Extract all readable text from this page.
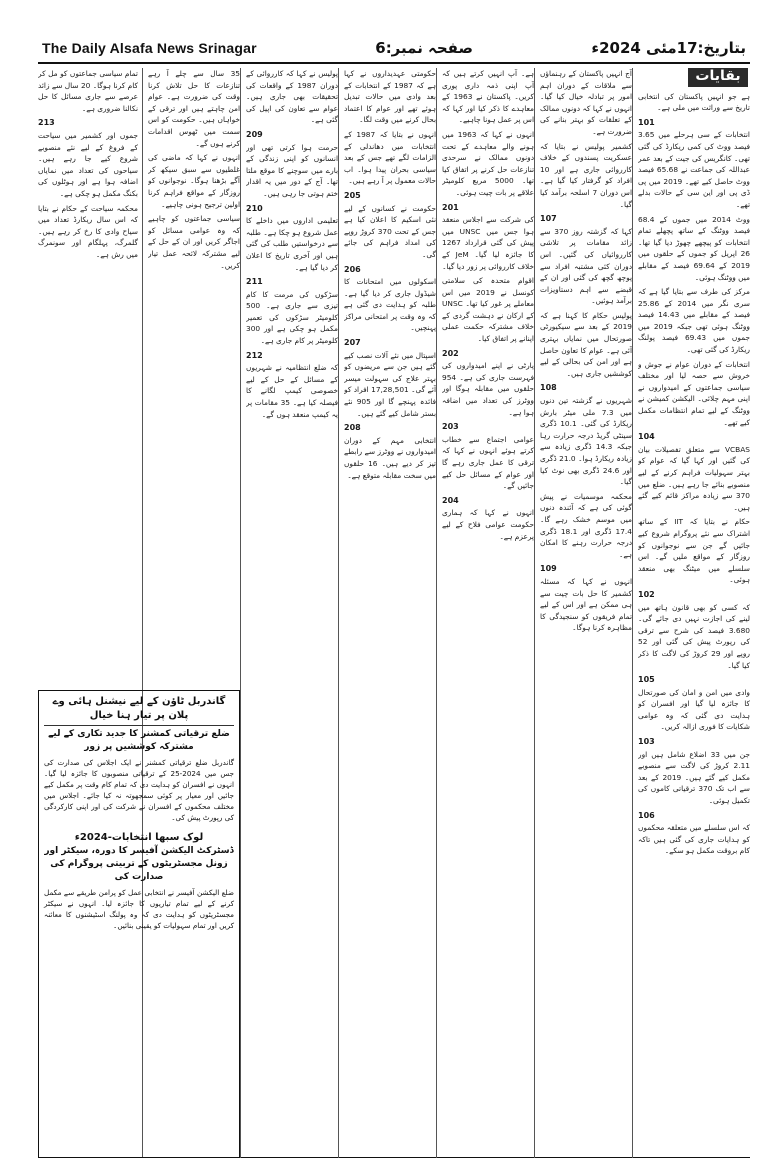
The Daily Alsafa News Srinagar	صفحہ نمبر:6	بتاریخ:17مئی 2024ء
بقایات

ہے جو انہیں پاکستان کی انتخابی تاریخ سے وراثت میں ملی ہے۔

101

انتخابات کے سی ہرحلے میں 3.65 فیصد ووٹ کی کمی ریکارڈ کی گئی تھی۔ کانگریس کی جیت کے بعد عمر عبداللہ کی جماعت نے 65.68 فیصد ووٹ حاصل کیے تھے۔ 2019 میں پی ڈی پی اور این سی کے حالات بدلے تھے۔

ووٹ 2014 میں جموں کے 68.4 فیصد ووٹنگ کے ساتھ پچھلے تمام انتخابات کو پیچھے چھوڑ دیا گیا تھا۔ 26 اپریل کو جموں کے حلقوں میں 2019 کے 69.64 فیصد کے مقابلے میں ووٹنگ ہوئی۔

مرکز کی طرف سے بتایا گیا ہے کہ سری نگر میں 2014 کے 25.86 فیصد کے مقابلے میں 14.43 فیصد ووٹنگ ہوئی تھی جبکہ 2019 میں جموں میں 69.43 فیصد پولنگ ریکارڈ کی گئی تھی۔

انتخابات کے دوران عوام نے جوش و خروش سے حصہ لیا اور مختلف سیاسی جماعتوں کے امیدواروں نے اپنی مہم چلائی۔ الیکشن کمیشن نے ووٹنگ کے لیے تمام انتظامات مکمل کیے تھے۔

104

VCBAS سے متعلق تفصیلات بیان کی گئیں اور کہا گیا کہ عوام کو بہتر سہولیات فراہم کرنے کے لیے منصوبے بنائے جا رہے ہیں۔ ضلع میں 370 سے زیادہ مراکز قائم کیے گئے ہیں۔

حکام نے بتایا کہ IIT کے ساتھ اشتراک سے نئے پروگرام شروع کیے جائیں گے جن سے نوجوانوں کو روزگار کے مواقع ملیں گے۔ اس سلسلے میں میٹنگ بھی منعقد ہوئی۔

102

کہ کسی کو بھی قانون ہاتھ میں لینے کی اجازت نہیں دی جائے گی۔ 3.680 فیصد کی شرح سے ترقی کی رپورٹ پیش کی گئی اور 52 روپے اور 29 کروڑ کی لاگت کا ذکر کیا گیا۔

105

وادی میں امن و امان کی صورتحال کا جائزہ لیا گیا اور افسران کو ہدایت دی گئی کہ وہ عوامی شکایات کا فوری ازالہ کریں۔

103

جن میں 33 اضلاع شامل ہیں اور 2.11 کروڑ کی لاگت سے منصوبے مکمل کیے گئے ہیں۔ 2019 کے بعد سے اب تک 370 ترقیاتی کاموں کی تکمیل ہوئی۔

106

کہ اس سلسلے میں متعلقہ محکموں کو ہدایات جاری کی گئی ہیں تاکہ کام بروقت مکمل ہو سکے۔

آج انہیں پاکستان کے رہنماؤں سے ملاقات کے دوران اہم امور پر تبادلہ خیال کیا گیا۔ انہوں نے کہا کہ دونوں ممالک کے تعلقات کو بہتر بنانے کی ضرورت ہے۔

کشمیر پولیس نے بتایا کہ عسکریت پسندوں کے خلاف کارروائی جاری ہے اور 10 افراد کو گرفتار کیا گیا ہے۔ اس دوران 7 اسلحہ برآمد کیا گیا۔

107

کہا کہ گزشتہ روز 370 سے زائد مقامات پر تلاشی کارروائیاں کی گئیں۔ اس دوران کئی مشتبہ افراد سے پوچھ گچھ کی گئی اور ان کے قبضے سے اہم دستاویزات برآمد ہوئیں۔

پولیس حکام کا کہنا ہے کہ 2019 کے بعد سے سیکیورٹی صورتحال میں نمایاں بہتری آئی ہے۔ عوام کا تعاون حاصل ہے اور امن کی بحالی کے لیے کوششیں جاری ہیں۔

108

شہریوں نے گزشتہ تین دنوں میں 7.3 ملی میٹر بارش ریکارڈ کی گئی۔ 10.1 ڈگری سینٹی گریڈ درجہ حرارت رہا جبکہ 14.3 ڈگری زیادہ سے زیادہ ریکارڈ ہوا۔ 21.0 ڈگری اور 24.6 ڈگری بھی نوٹ کیا گیا۔

محکمہ موسمیات نے پیش گوئی کی ہے کہ آئندہ دنوں میں موسم خشک رہے گا۔ 17.4 ڈگری اور 18.1 ڈگری درجہ حرارت رہنے کا امکان ہے۔

109

انہوں نے کہا کہ مسئلہ کشمیر کا حل بات چیت سے ہی ممکن ہے اور اس کے لیے تمام فریقوں کو سنجیدگی کا مظاہرہ کرنا ہوگا۔

ہے۔ آپ انہیں کرتے ہیں کہ آپ اپنی ذمہ داری پوری کریں۔ پاکستان نے 1963 کے معاہدے کا ذکر کیا اور کہا کہ اس پر عمل ہونا چاہیے۔

انہوں نے کہا کہ 1963 میں ہونے والے معاہدے کے تحت دونوں ممالک نے سرحدی تنازعات حل کرنے پر اتفاق کیا تھا۔ 5000 مربع کلومیٹر علاقے پر بات چیت ہوئی۔

201

کی شرکت سے اجلاس منعقد ہوا جس میں UNSC میں پیش کی گئی قرارداد 1267 کا جائزہ لیا گیا۔ JeM کے خلاف کارروائی پر زور دیا گیا۔

اقوام متحدہ کی سلامتی کونسل نے 2019 میں اس معاملے پر غور کیا تھا۔ UNSC کے ارکان نے دہشت گردی کے خلاف مشترکہ حکمت عملی اپنانے پر اتفاق کیا۔

202

پارٹی نے اپنے امیدواروں کی فہرست جاری کی ہے۔ 954 حلقوں میں مقابلہ ہوگا اور ووٹرز کی تعداد میں اضافہ ہوا ہے۔

203

عوامی اجتماع سے خطاب کرتے ہوئے انہوں نے کہا کہ ترقی کا عمل جاری رہے گا اور عوام کے مسائل حل کیے جائیں گے۔

204

انہوں نے کہا کہ ہماری حکومت عوامی فلاح کے لیے پرعزم ہے۔

حکومتی عہدیداروں نے کہا ہے کہ 1987 کے انتخابات کے بعد وادی میں حالات تبدیل ہوئے تھے اور عوام کا اعتماد بحال کرنے میں وقت لگا۔

انہوں نے بتایا کہ 1987 کے انتخابات میں دھاندلی کے الزامات لگے تھے جس کے بعد سیاسی بحران پیدا ہوا۔ اب حالات معمول پر آ رہے ہیں۔

205

حکومت نے کسانوں کے لیے نئی اسکیم کا اعلان کیا ہے جس کے تحت 370 کروڑ روپے کی امداد فراہم کی جائے گی۔

206

اسکولوں میں امتحانات کا شیڈول جاری کر دیا گیا ہے۔ طلبہ کو ہدایت دی گئی ہے کہ وہ وقت پر امتحانی مراکز پہنچیں۔

207

اسپتال میں نئے آلات نصب کیے گئے ہیں جن سے مریضوں کو بہتر علاج کی سہولت میسر آئے گی۔ 17,28,501 افراد کو فائدہ پہنچے گا اور 905 نئے بستر شامل کیے گئے ہیں۔

208

انتخابی مہم کے دوران امیدواروں نے ووٹرز سے رابطے تیز کر دیے ہیں۔ 16 حلقوں میں سخت مقابلہ متوقع ہے۔

پولیس نے کہا کہ کارروائی کے دوران 1987 کے واقعات کی تحقیقات بھی جاری ہیں۔ عوام سے تعاون کی اپیل کی گئی ہے۔

209

حرمت ہوا کرتی تھی اور انسانوں کو اپنی زندگی کے بارے میں سوچنے کا موقع ملتا تھا۔ آج کے دور میں یہ اقدار ختم ہوتی جا رہی ہیں۔

210

تعلیمی اداروں میں داخلے کا عمل شروع ہو چکا ہے۔ طلبہ سے درخواستیں طلب کی گئی ہیں اور آخری تاریخ کا اعلان کر دیا گیا ہے۔

211

سڑکوں کی مرمت کا کام تیزی سے جاری ہے۔ 500 کلومیٹر سڑکوں کی تعمیر مکمل ہو چکی ہے اور 300 کلومیٹر پر کام جاری ہے۔

212

کہ ضلع انتظامیہ نے شہریوں کے مسائل کے حل کے لیے خصوصی کیمپ لگانے کا فیصلہ کیا ہے۔ 35 مقامات پر یہ کیمپ منعقد ہوں گے۔

35 سال سے چلے آ رہے تنازعات کا حل تلاش کرنا وقت کی ضرورت ہے۔ عوام امن چاہتے ہیں اور ترقی کے خواہاں ہیں۔ حکومت کو اس سمت میں ٹھوس اقدامات کرنے ہوں گے۔

انہوں نے کہا کہ ماضی کی غلطیوں سے سبق سیکھ کر آگے بڑھنا ہوگا۔ نوجوانوں کو روزگار کے مواقع فراہم کرنا اولین ترجیح ہونی چاہیے۔

سیاسی جماعتوں کو چاہیے کہ وہ عوامی مسائل کو اجاگر کریں اور ان کے حل کے لیے مشترکہ لائحہ عمل تیار کریں۔

تمام سیاسی جماعتوں کو مل کر کام کرنا ہوگا۔ 20 سال سے زائد عرصے سے جاری مسائل کا حل نکالنا ضروری ہے۔

213

جموں اور کشمیر میں سیاحت کے فروغ کے لیے نئے منصوبے شروع کیے جا رہے ہیں۔ سیاحوں کی تعداد میں نمایاں اضافہ ہوا ہے اور ہوٹلوں کی بکنگ مکمل ہو چکی ہے۔

محکمہ سیاحت کے حکام نے بتایا کہ اس سال ریکارڈ تعداد میں سیاح وادی کا رخ کر رہے ہیں۔ گلمرگ، پہلگام اور سونمرگ میں رش ہے۔

گاندربل ٹاؤن کے لیے نیشنل ہائی وے پلان پر تیار ہنا خیال
ضلع ترقیاتی کمشنر کا جدید تکاری کے لیے مشترکہ کوششیں پر زور
گاندربل ضلع ترقیاتی کمشنر نے ایک اجلاس کی صدارت کی جس میں 2024-25 کے ترقیاتی منصوبوں کا جائزہ لیا گیا۔ انہوں نے افسران کو ہدایت دی کہ تمام کام وقت پر مکمل کیے جائیں اور معیار پر کوئی سمجھوتہ نہ کیا جائے۔ اجلاس میں مختلف محکموں کے افسران نے شرکت کی اور اپنی کارکردگی کی رپورٹ پیش کی۔
لوک سبھا انتخابات-2024ء
ڈسٹرکٹ الیکشن آفیسر کا دورہ، سیکٹر اور زونل مجسٹریٹوں کے تربیتی پروگرام کی صدارت کی
ضلع الیکشن آفیسر نے انتخابی عمل کو پرامن طریقے سے مکمل کرنے کے لیے تمام تیاریوں کا جائزہ لیا۔ انہوں نے سیکٹر مجسٹریٹوں کو ہدایت دی کہ وہ پولنگ اسٹیشنوں کا معائنہ کریں اور تمام سہولیات کو یقینی بنائیں۔
